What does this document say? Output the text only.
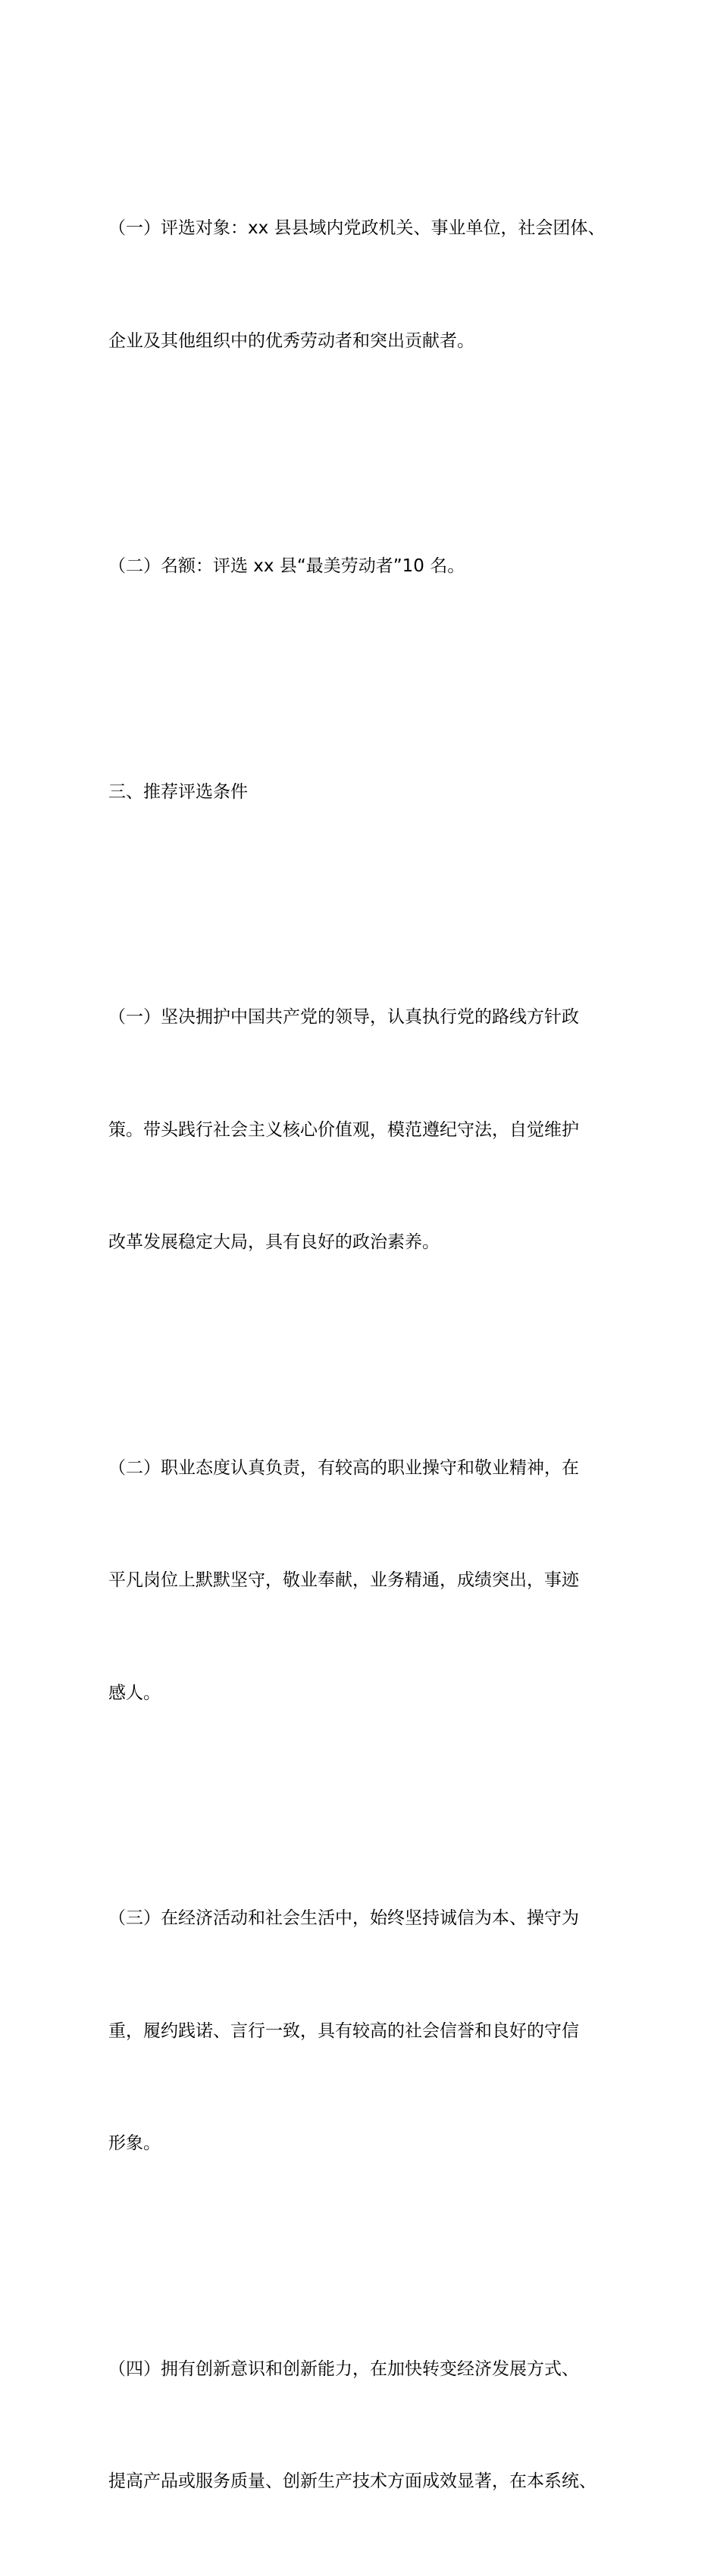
（一）评选对象：xx 县县域内党政机关、事业单位，社会团体、

企业及其他组织中的优秀劳动者和突出贡献者。

（二）名额：评选 xx 县“最美劳动者”10 名。

三、推荐评选条件

（一）坚决拥护中国共产党的领导，认真执行党的路线方针政

策。带头践行社会主义核心价值观，模范遵纪守法，自觉维护

改革发展稳定大局，具有良好的政治素养。

（二）职业态度认真负责，有较高的职业操守和敬业精神，在

平凡岗位上默默坚守，敬业奉献，业务精通，成绩突出，事迹

感人。

（三）在经济活动和社会生活中，始终坚持诚信为本、操守为

重，履约践诺、言行一致，具有较高的社会信誉和良好的守信

形象。

（四）拥有创新意识和创新能力，在加快转变经济发展方式、

提高产品或服务质量、创新生产技术方面成效显著，在本系统、
